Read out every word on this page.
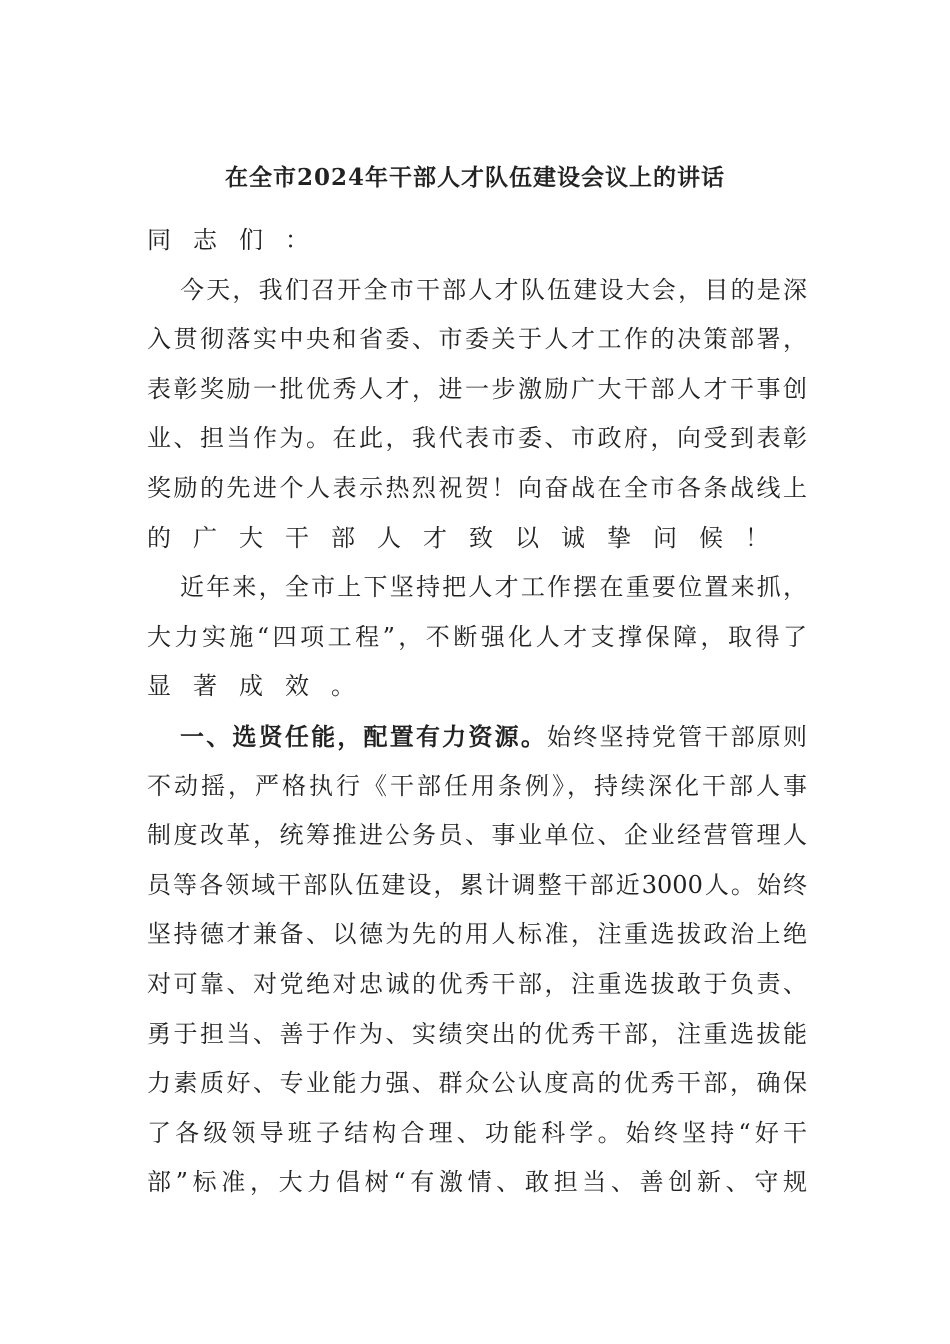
在全市2024年干部人才队伍建设会议上的讲话
同志们：
今天，我们召开全市干部人才队伍建设大会，目的是深
入贯彻落实中央和省委、市委关于人才工作的决策部署，
表彰奖励一批优秀人才，进一步激励广大干部人才干事创
业、担当作为。在此，我代表市委、市政府，向受到表彰
奖励的先进个人表示热烈祝贺！向奋战在全市各条战线上
的广大干部人才致以诚挚问候！
近年来，全市上下坚持把人才工作摆在重要位置来抓，
大力实施“四项工程”，不断强化人才支撑保障，取得了
显著成效。
一、选贤任能，配置有力资源。始终坚持党管干部原则
不动摇，严格执行《干部任用条例》，持续深化干部人事
制度改革，统筹推进公务员、事业单位、企业经营管理人
员等各领域干部队伍建设，累计调整干部近3000人。始终
坚持德才兼备、以德为先的用人标准，注重选拔政治上绝
对可靠、对党绝对忠诚的优秀干部，注重选拔敢于负责、
勇于担当、善于作为、实绩突出的优秀干部，注重选拔能
力素质好、专业能力强、群众公认度高的优秀干部，确保
了各级领导班子结构合理、功能科学。始终坚持“好干
部”标准，大力倡树“有激情、敢担当、善创新、守规
